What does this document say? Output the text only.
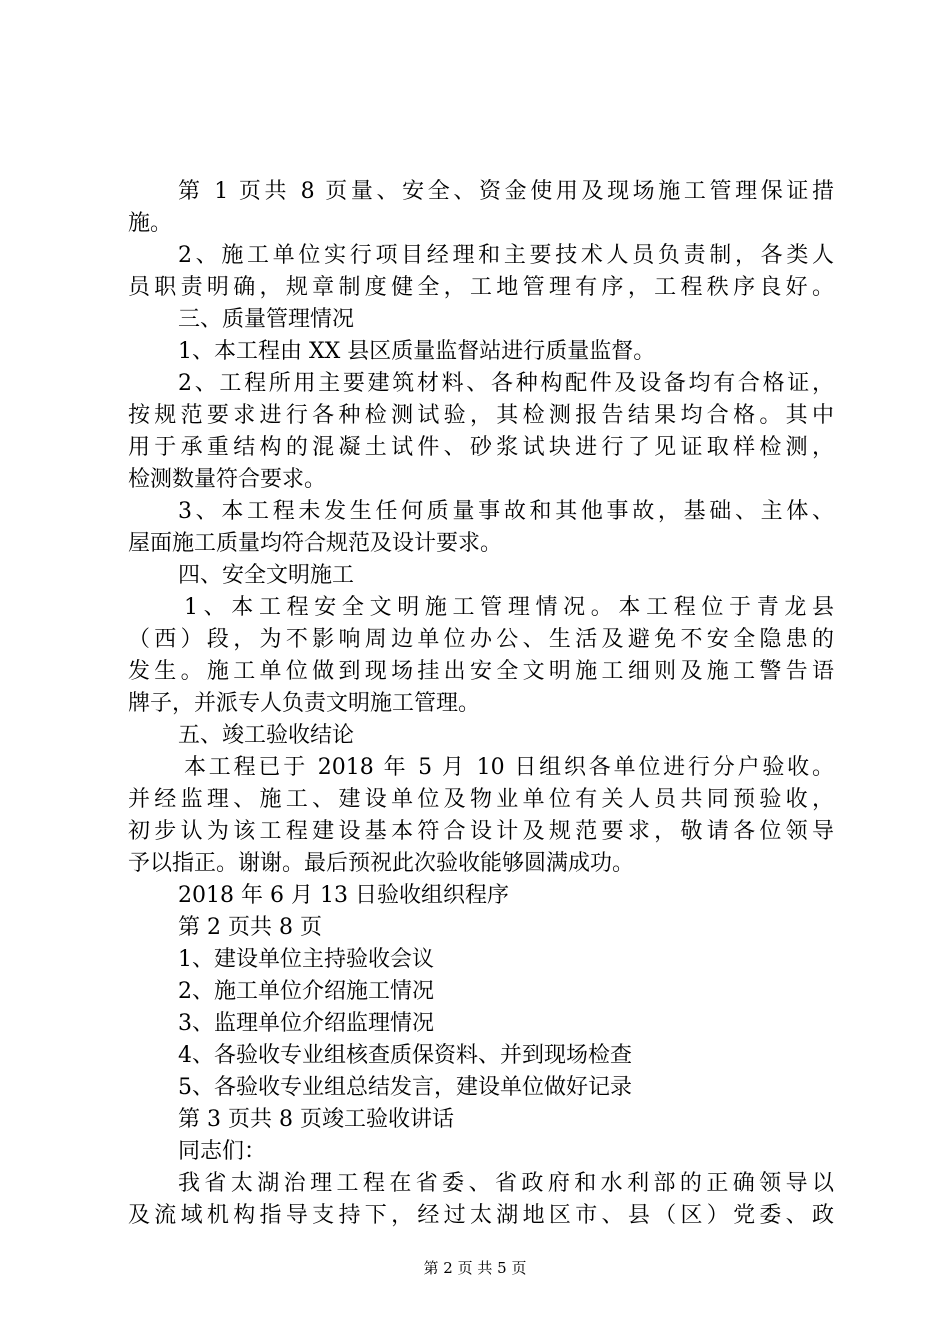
第 1 页共 8 页量、安全、资金使用及现场施工管理保证措
施。
2、施工单位实行项目经理和主要技术人员负责制，各类人
员职责明确，规章制度健全，工地管理有序，工程秩序良好。
三、质量管理情况
1、本工程由 XX 县区质量监督站进行质量监督。
2、工程所用主要建筑材料、各种构配件及设备均有合格证，
按规范要求进行各种检测试验，其检测报告结果均合格。其中
用于承重结构的混凝土试件、砂浆试块进行了见证取样检测，
检测数量符合要求。
3、本工程未发生任何质量事故和其他事故，基础、主体、
屋面施工质量均符合规范及设计要求。
四、安全文明施工
1、本工程安全文明施工管理情况。本工程位于青龙县
（西）段，为不影响周边单位办公、生活及避免不安全隐患的
发生。施工单位做到现场挂出安全文明施工细则及施工警告语
牌子，并派专人负责文明施工管理。
五、竣工验收结论
本工程已于 2018 年 5 月 10 日组织各单位进行分户验收。
并经监理、施工、建设单位及物业单位有关人员共同预验收，
初步认为该工程建设基本符合设计及规范要求，敬请各位领导
予以指正。谢谢。最后预祝此次验收能够圆满成功。
2018 年 6 月 13 日验收组织程序
第 2 页共 8 页
1、建设单位主持验收会议
2、施工单位介绍施工情况
3、监理单位介绍监理情况
4、各验收专业组核查质保资料、并到现场检查
5、各验收专业组总结发言，建设单位做好记录
第 3 页共 8 页竣工验收讲话
同志们：
我省太湖治理工程在省委、省政府和水利部的正确领导以
及流域机构指导支持下，经过太湖地区市、县（区）党委、政
第 2 页 共 5 页
